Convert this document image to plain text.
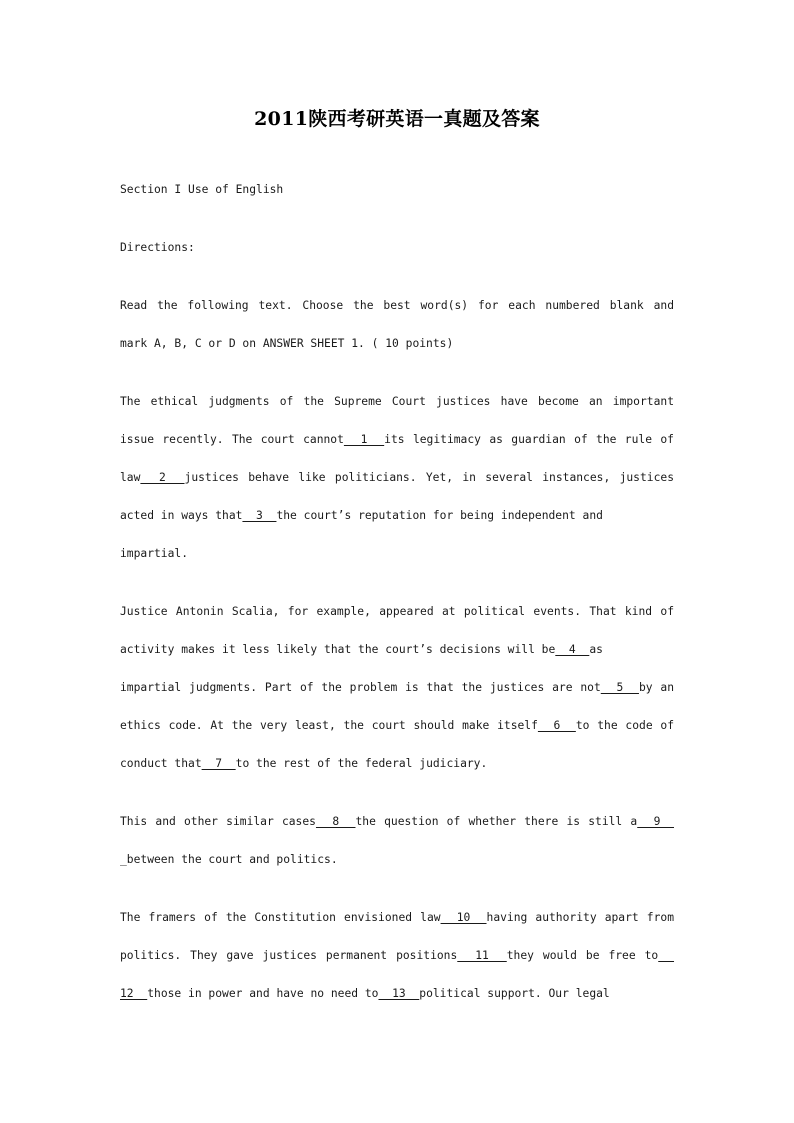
2011陕西考研英语一真题及答案
Section I Use of English
Directions:
Read the following text. Choose the best word(s) for each numbered blank and
mark A, B, C or D on ANSWER SHEET 1. ( 10 points)
The ethical judgments of the Supreme Court justices have become an important
issue recently. The court cannot  1  its legitimacy as guardian of the rule of
law  2  justices behave like politicians. Yet, in several instances, justices
acted in ways that  3  the court’s reputation for being independent and
impartial.
Justice Antonin Scalia, for example, appeared at political events. That kind of
activity makes it less likely that the court’s decisions will be  4  as
impartial judgments. Part of the problem is that the justices are not  5  by an
ethics code. At the very least, the court should make itself  6  to the code of
conduct that  7  to the rest of the federal judiciary.
This and other similar cases  8  the question of whether there is still a  9
_between the court and politics.
The framers of the Constitution envisioned law  10  having authority apart from
politics. They gave justices permanent positions  11  they would be free to
12  those in power and have no need to  13  political support. Our legal
